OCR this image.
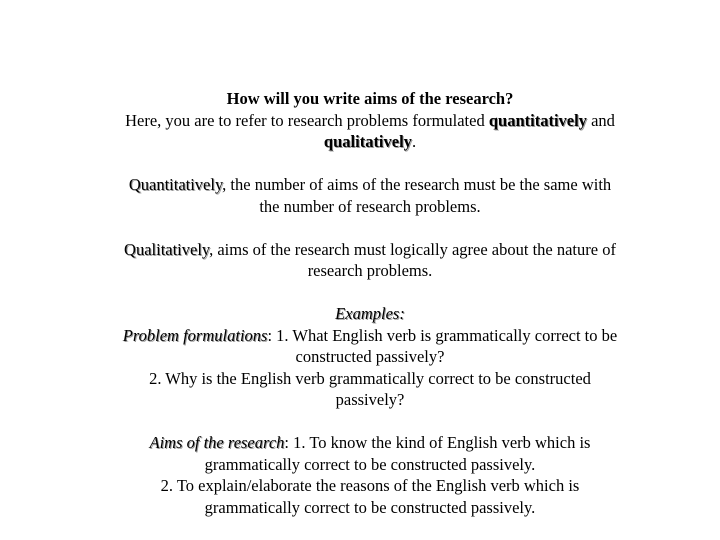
How will you write aims of the research?

Here, you are to refer to research problems formulated quantitatively and
qualitatively.

Quantitatively, the number of aims of the research must be the same with
the number of research problems.

Qualitatively, aims of the research must logically agree about the nature of
research problems.

Examples:

Problem formulations: 1. What English verb is grammatically correct to be
constructed passively?
2. Why is the English verb grammatically correct to be constructed
passively?

Aims of the research: 1. To know the kind of English verb which is
grammatically correct to be constructed passively.
2. To explain/elaborate the reasons of the English verb which is
grammatically correct to be constructed passively.
